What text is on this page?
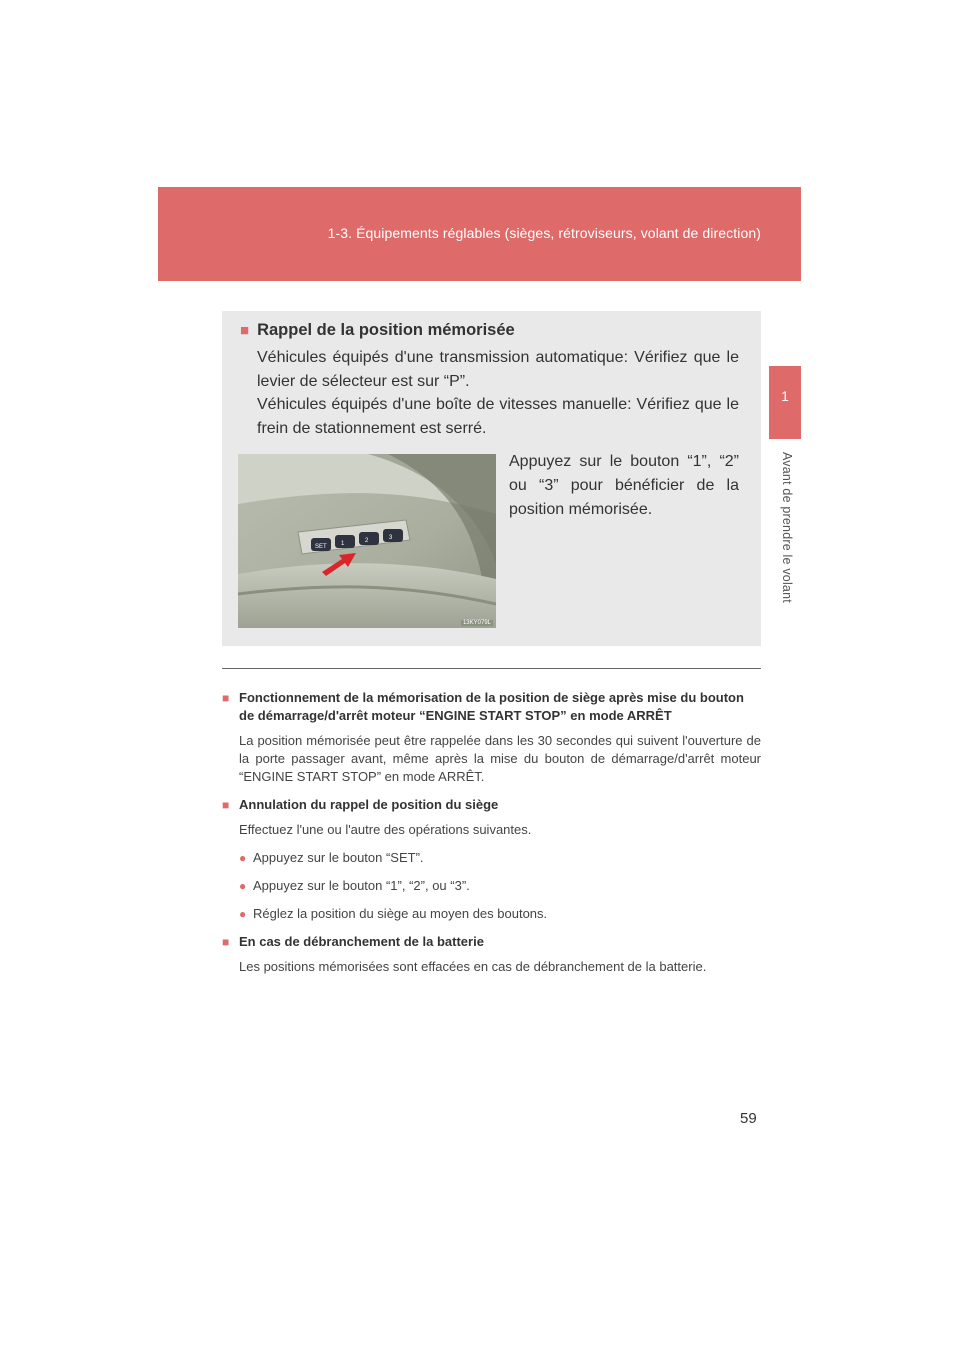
1-3. Équipements réglables (sièges, rétroviseurs, volant de direction)
1
Avant de prendre le volant
■ Rappel de la position mémorisée
Véhicules équipés d'une transmission automatique: Vérifiez que le levier de sélecteur est sur “P”.
Véhicules équipés d'une boîte de vitesses manuelle: Vérifiez que le frein de stationnement est serré.
SET 1	2	3
13KY079L
Appuyez sur le bouton “1”, “2” ou “3” pour bénéficier de la position mémorisée.
■ Fonctionnement de la mémorisation de la position de siège après mise du bouton de démarrage/d'arrêt moteur “ENGINE START STOP” en mode ARRÊT
La position mémorisée peut être rappelée dans les 30 secondes qui suivent l'ouverture de la porte passager avant, même après la mise du bouton de démarrage/d'arrêt moteur “ENGINE START STOP” en mode ARRÊT.
■ Annulation du rappel de position du siège
Effectuez l'une ou l'autre des opérations suivantes.
● Appuyez sur le bouton “SET”.
● Appuyez sur le bouton “1”, “2”, ou “3”.
● Réglez la position du siège au moyen des boutons.
■ En cas de débranchement de la batterie
Les positions mémorisées sont effacées en cas de débranchement de la batterie.
59
